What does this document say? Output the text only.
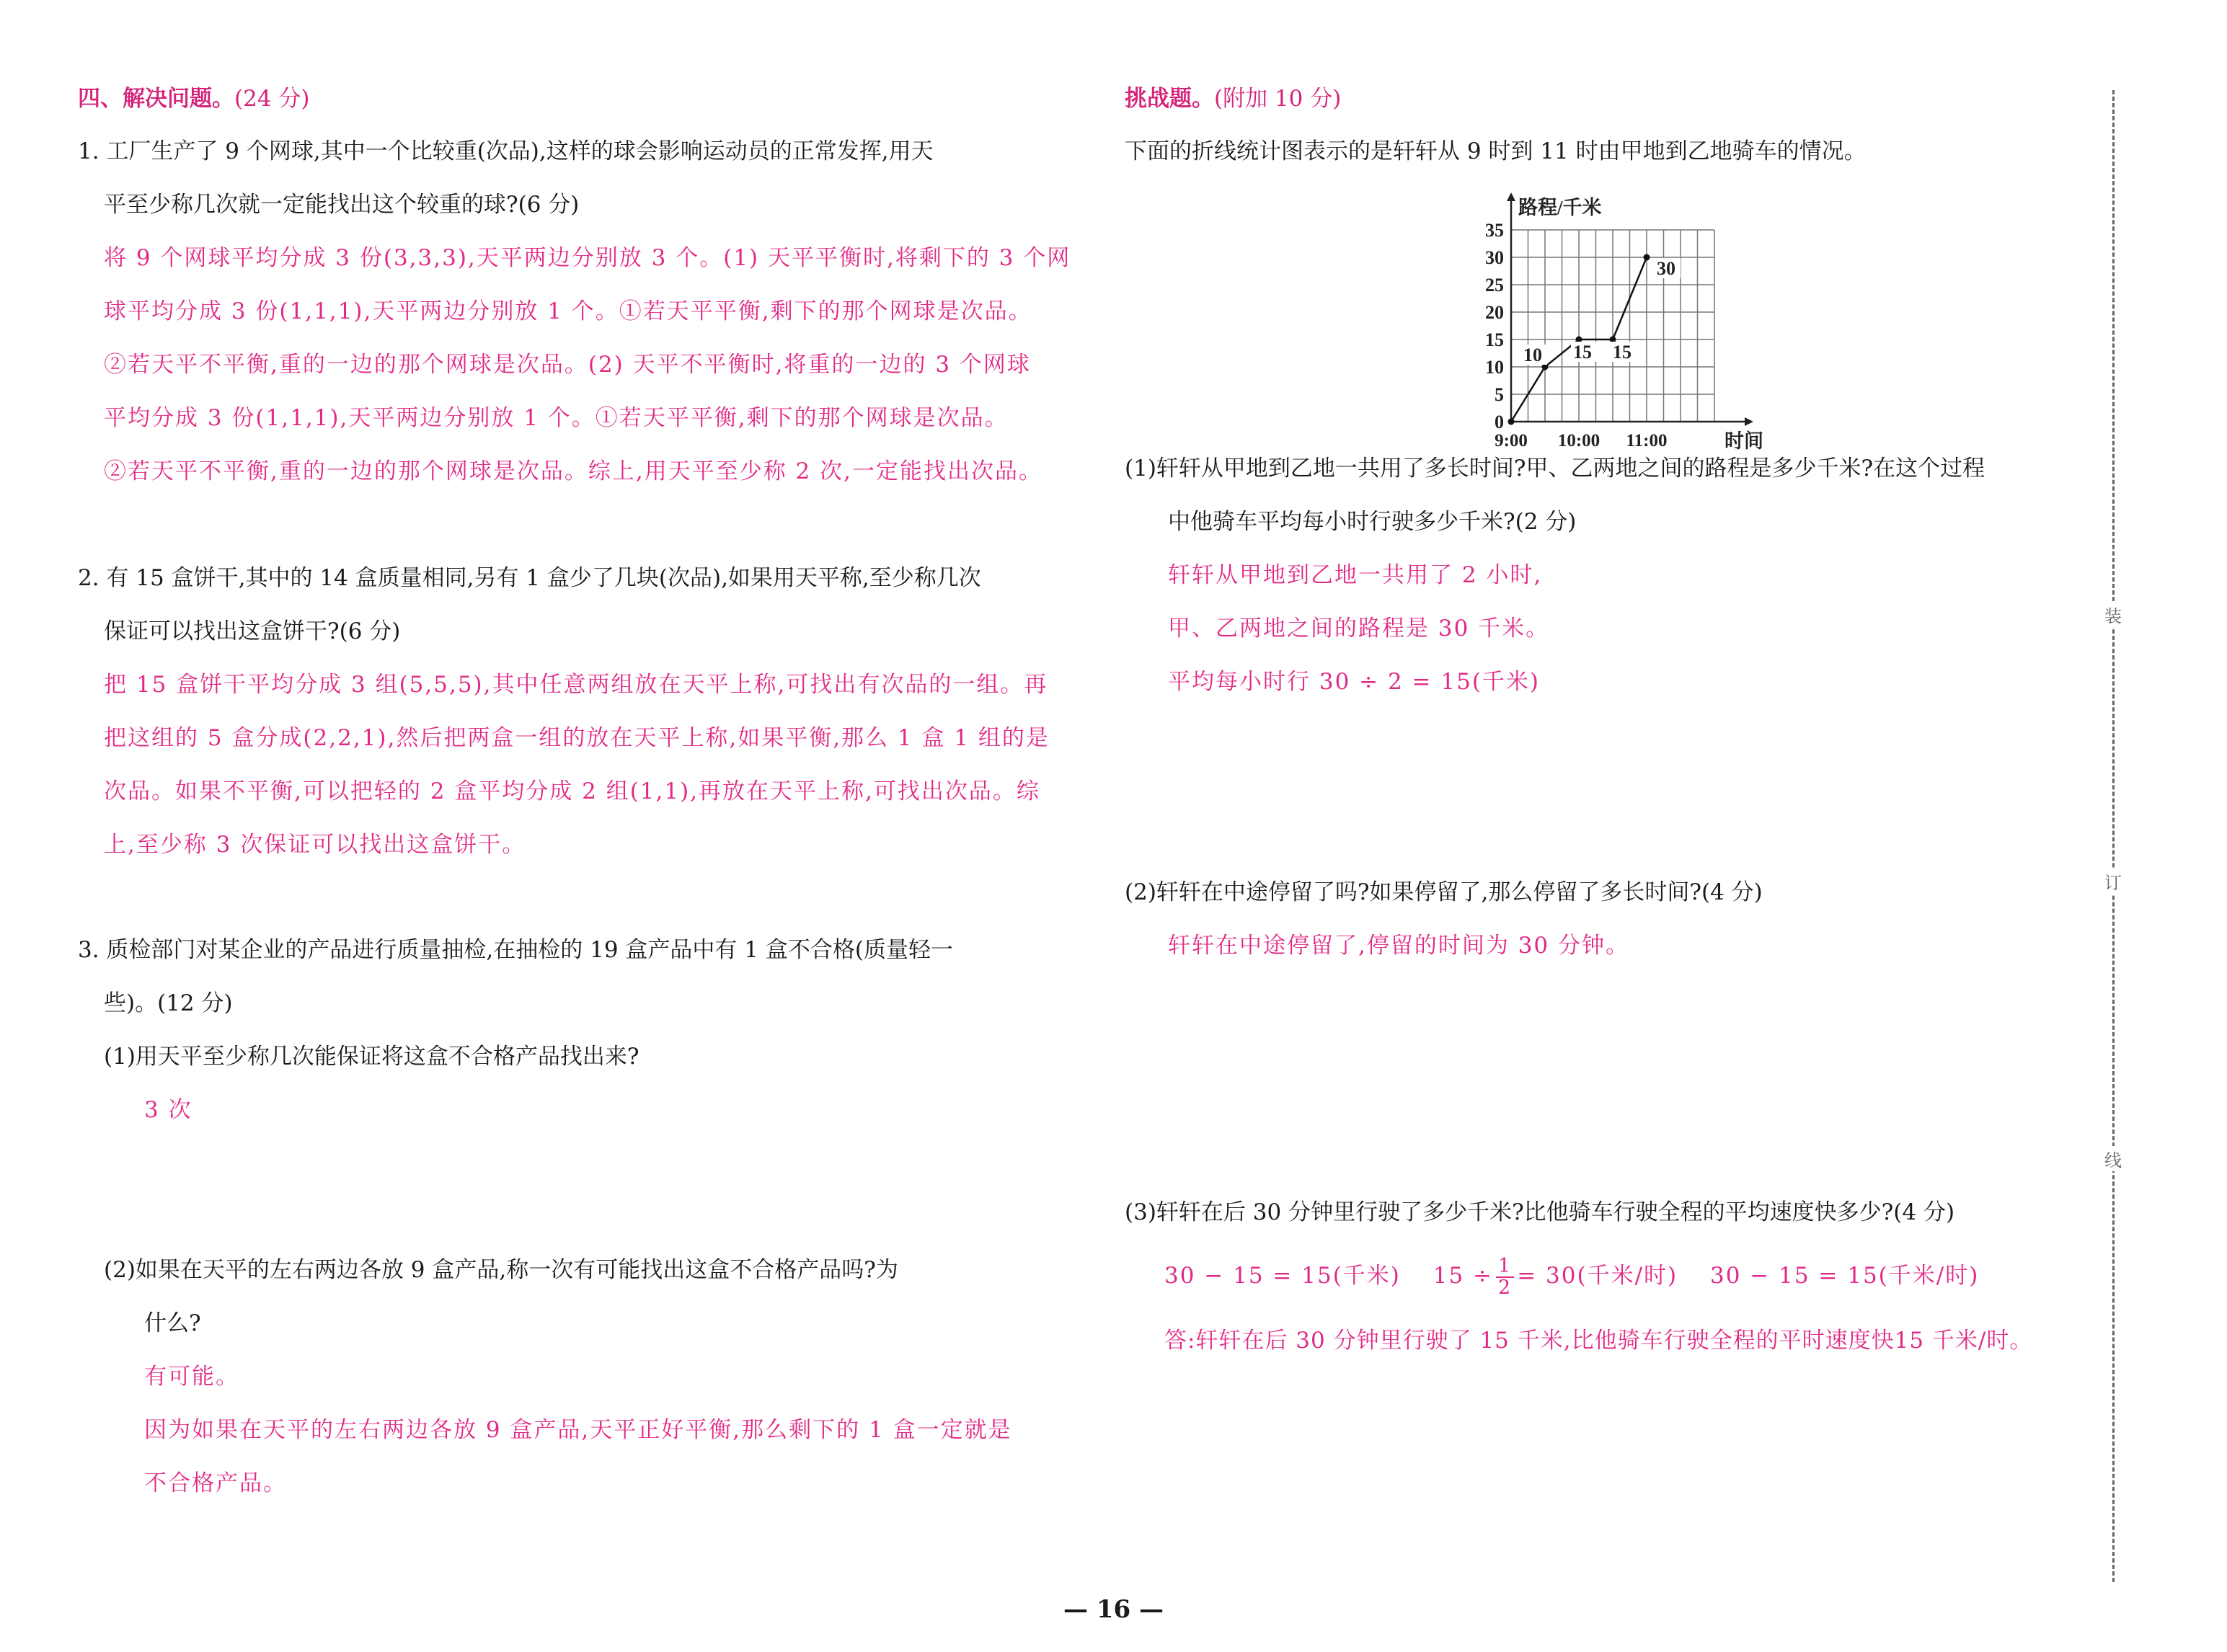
四、解决问题。(24 分)
1. 工厂生产了 9 个网球,其中一个比较重(次品),这样的球会影响运动员的正常发挥,用天
平至少称几次就一定能找出这个较重的球?(6 分)
将 9 个网球平均分成 3 份(3,3,3),天平两边分别放 3 个。(1) 天平平衡时,将剩下的 3 个网
球平均分成 3 份(1,1,1),天平两边分别放 1 个。①若天平平衡,剩下的那个网球是次品。
②若天平不平衡,重的一边的那个网球是次品。(2) 天平不平衡时,将重的一边的 3 个网球
平均分成 3 份(1,1,1),天平两边分别放 1 个。①若天平平衡,剩下的那个网球是次品。
②若天平不平衡,重的一边的那个网球是次品。综上,用天平至少称 2 次,一定能找出次品。
2. 有 15 盒饼干,其中的 14 盒质量相同,另有 1 盒少了几块(次品),如果用天平称,至少称几次
保证可以找出这盒饼干?(6 分)
把 15 盒饼干平均分成 3 组(5,5,5),其中任意两组放在天平上称,可找出有次品的一组。再
把这组的 5 盒分成(2,2,1),然后把两盒一组的放在天平上称,如果平衡,那么 1 盒 1 组的是
次品。如果不平衡,可以把轻的 2 盒平均分成 2 组(1,1),再放在天平上称,可找出次品。综
上,至少称 3 次保证可以找出这盒饼干。
3. 质检部门对某企业的产品进行质量抽检,在抽检的 19 盒产品中有 1 盒不合格(质量轻一
些)。(12 分)
(1)用天平至少称几次能保证将这盒不合格产品找出来?
3 次
(2)如果在天平的左右两边各放 9 盒产品,称一次有可能找出这盒不合格产品吗?为
什么?
有可能。
因为如果在天平的左右两边各放 9 盒产品,天平正好平衡,那么剩下的 1 盒一定就是
不合格产品。
挑战题。(附加 10 分)
下面的折线统计图表示的是轩轩从 9 时到 11 时由甲地到乙地骑车的情况。
(1)轩轩从甲地到乙地一共用了多长时间?甲、乙两地之间的路程是多少千米?在这个过程
中他骑车平均每小时行驶多少千米?(2 分)
轩轩从甲地到乙地一共用了 2 小时,
甲、乙两地之间的路程是 30 千米。
平均每小时行 30 ÷ 2 = 15(千米)
(2)轩轩在中途停留了吗?如果停留了,那么停留了多长时间?(4 分)
轩轩在中途停留了,停留的时间为 30 分钟。
(3)轩轩在后 30 分钟里行驶了多少千米?比他骑车行驶全程的平均速度快多少?(4 分)
30 − 15 = 15(千米)　 $15 \div \frac{1}{2} = 30$(千米/时)　 30 − 15 = 15(千米/时)
答:轩轩在后 30 分钟里行驶了 15 千米,比他骑车行驶全程的平时速度快15 千米/时。
0
5
10
15
20
25
30
35
9:00 10:00 11:00
路程/千米
时间
10 15 15
30
装
订
线
— 16 —
